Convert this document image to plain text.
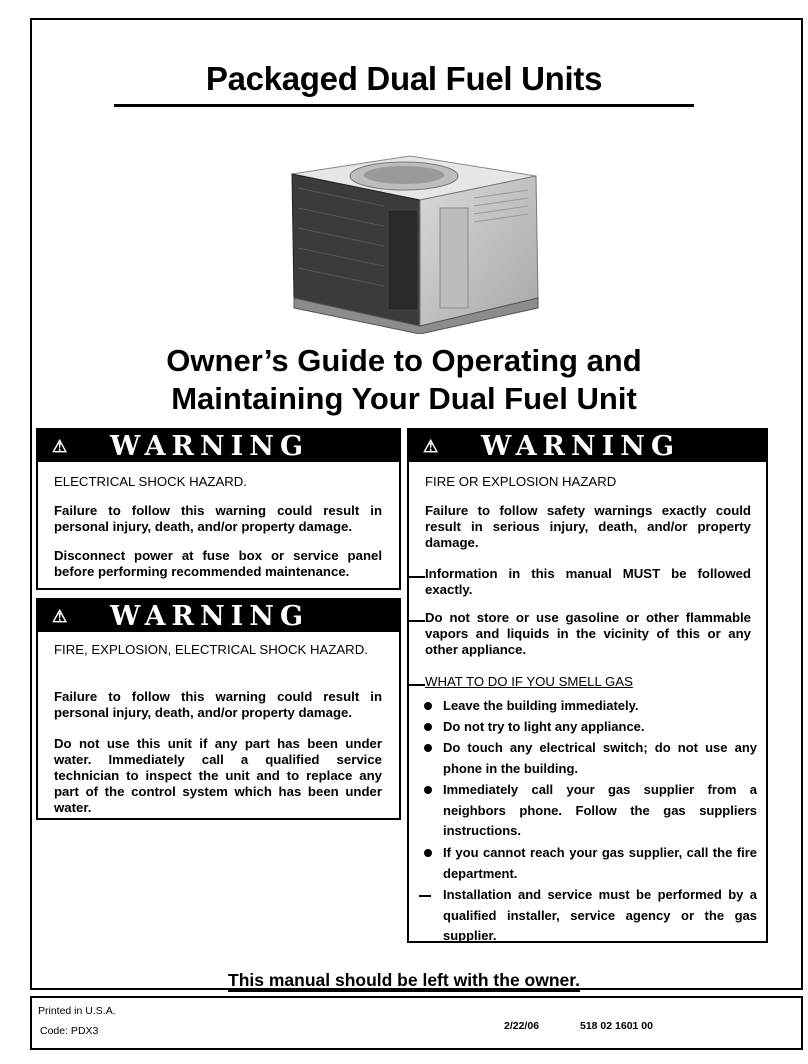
Packaged Dual Fuel Units
Owner’s Guide to Operating and
Maintaining Your Dual Fuel Unit
⚠ WARNING
ELECTRICAL SHOCK HAZARD.
Failure to follow this warning could result in personal injury, death, and/or property damage.
Disconnect power at fuse box or service panel before performing recommended maintenance.
⚠ WARNING
FIRE, EXPLOSION, ELECTRICAL SHOCK HAZARD.
Failure to follow this warning could result in personal injury, death, and/or property damage.
Do not use this unit if any part has been under water. Immediately call a qualified service technician to inspect the unit and to replace any part of the control system which has been under water.
⚠ WARNING
FIRE OR EXPLOSION HAZARD
Failure to follow safety warnings exactly could result in serious injury, death, and/or property damage.
Information in this manual MUST be followed exactly.
Do not store or use gasoline or other flammable vapors and liquids in the vicinity of this or any other appliance.
WHAT TO DO IF YOU SMELL GAS
Leave the building immediately.
Do not try to light any appliance.
Do touch any electrical switch; do not use any phone in the building.
Immediately call your gas supplier from a neighbors phone. Follow the gas suppliers instructions.
If you cannot reach your gas supplier, call the fire department.
Installation and service must be performed by a qualified installer, service agency or the gas supplier.
This manual should be left with the owner.
Printed in U.S.A.
Code: PDX3	2/22/06	518 02 1601 00
